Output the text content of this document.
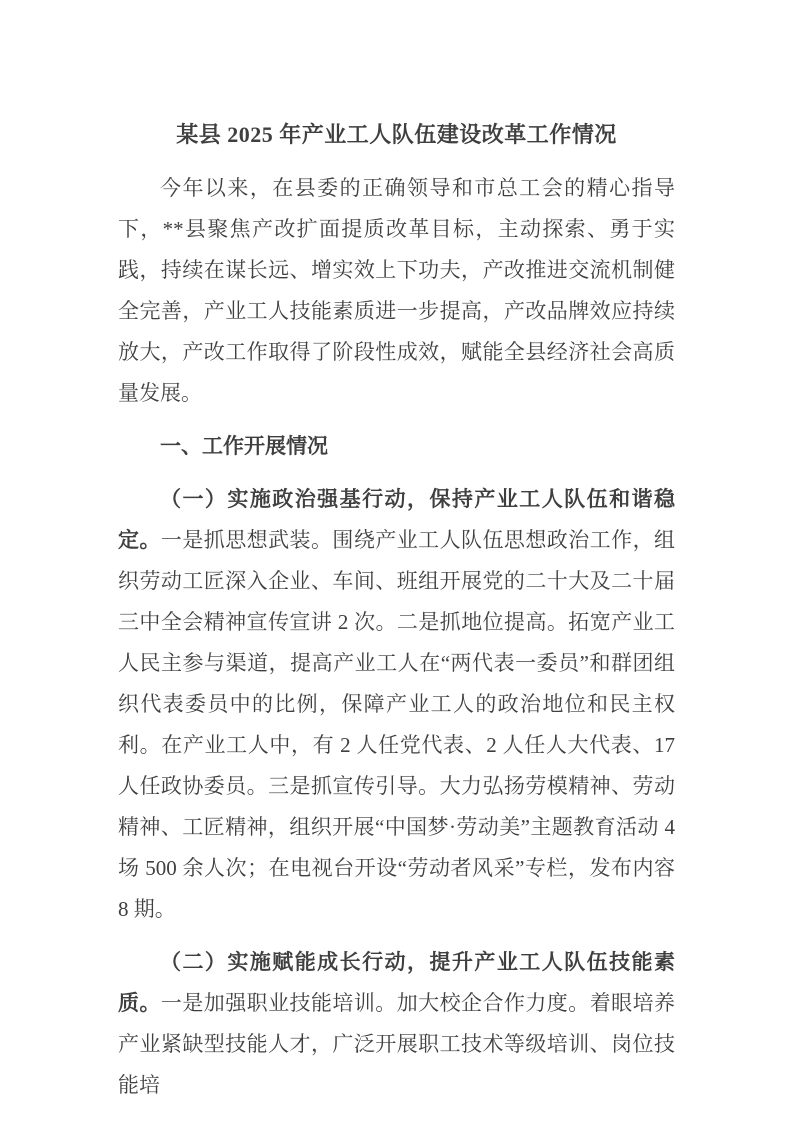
某县 2025 年产业工人队伍建设改革工作情况

今年以来，在县委的正确领导和市总工会的精心指导下，**县聚焦产改扩面提质改革目标，主动探索、勇于实践，持续在谋长远、增实效上下功夫，产改推进交流机制健全完善，产业工人技能素质进一步提高，产改品牌效应持续放大，产改工作取得了阶段性成效，赋能全县经济社会高质量发展。

一、工作开展情况

（一）实施政治强基行动，保持产业工人队伍和谐稳定。一是抓思想武装。围绕产业工人队伍思想政治工作，组织劳动工匠深入企业、车间、班组开展党的二十大及二十届三中全会精神宣传宣讲 2 次。二是抓地位提高。拓宽产业工人民主参与渠道，提高产业工人在“两代表一委员”和群团组织代表委员中的比例，保障产业工人的政治地位和民主权利。在产业工人中，有 2 人任党代表、2 人任人大代表、17 人任政协委员。三是抓宣传引导。大力弘扬劳模精神、劳动精神、工匠精神，组织开展“中国梦·劳动美”主题教育活动 4 场 500 余人次；在电视台开设“劳动者风采”专栏，发布内容 8 期。

（二）实施赋能成长行动，提升产业工人队伍技能素质。一是加强职业技能培训。加大校企合作力度。着眼培养产业紧缺型技能人才，广泛开展职工技术等级培训、岗位技能培
